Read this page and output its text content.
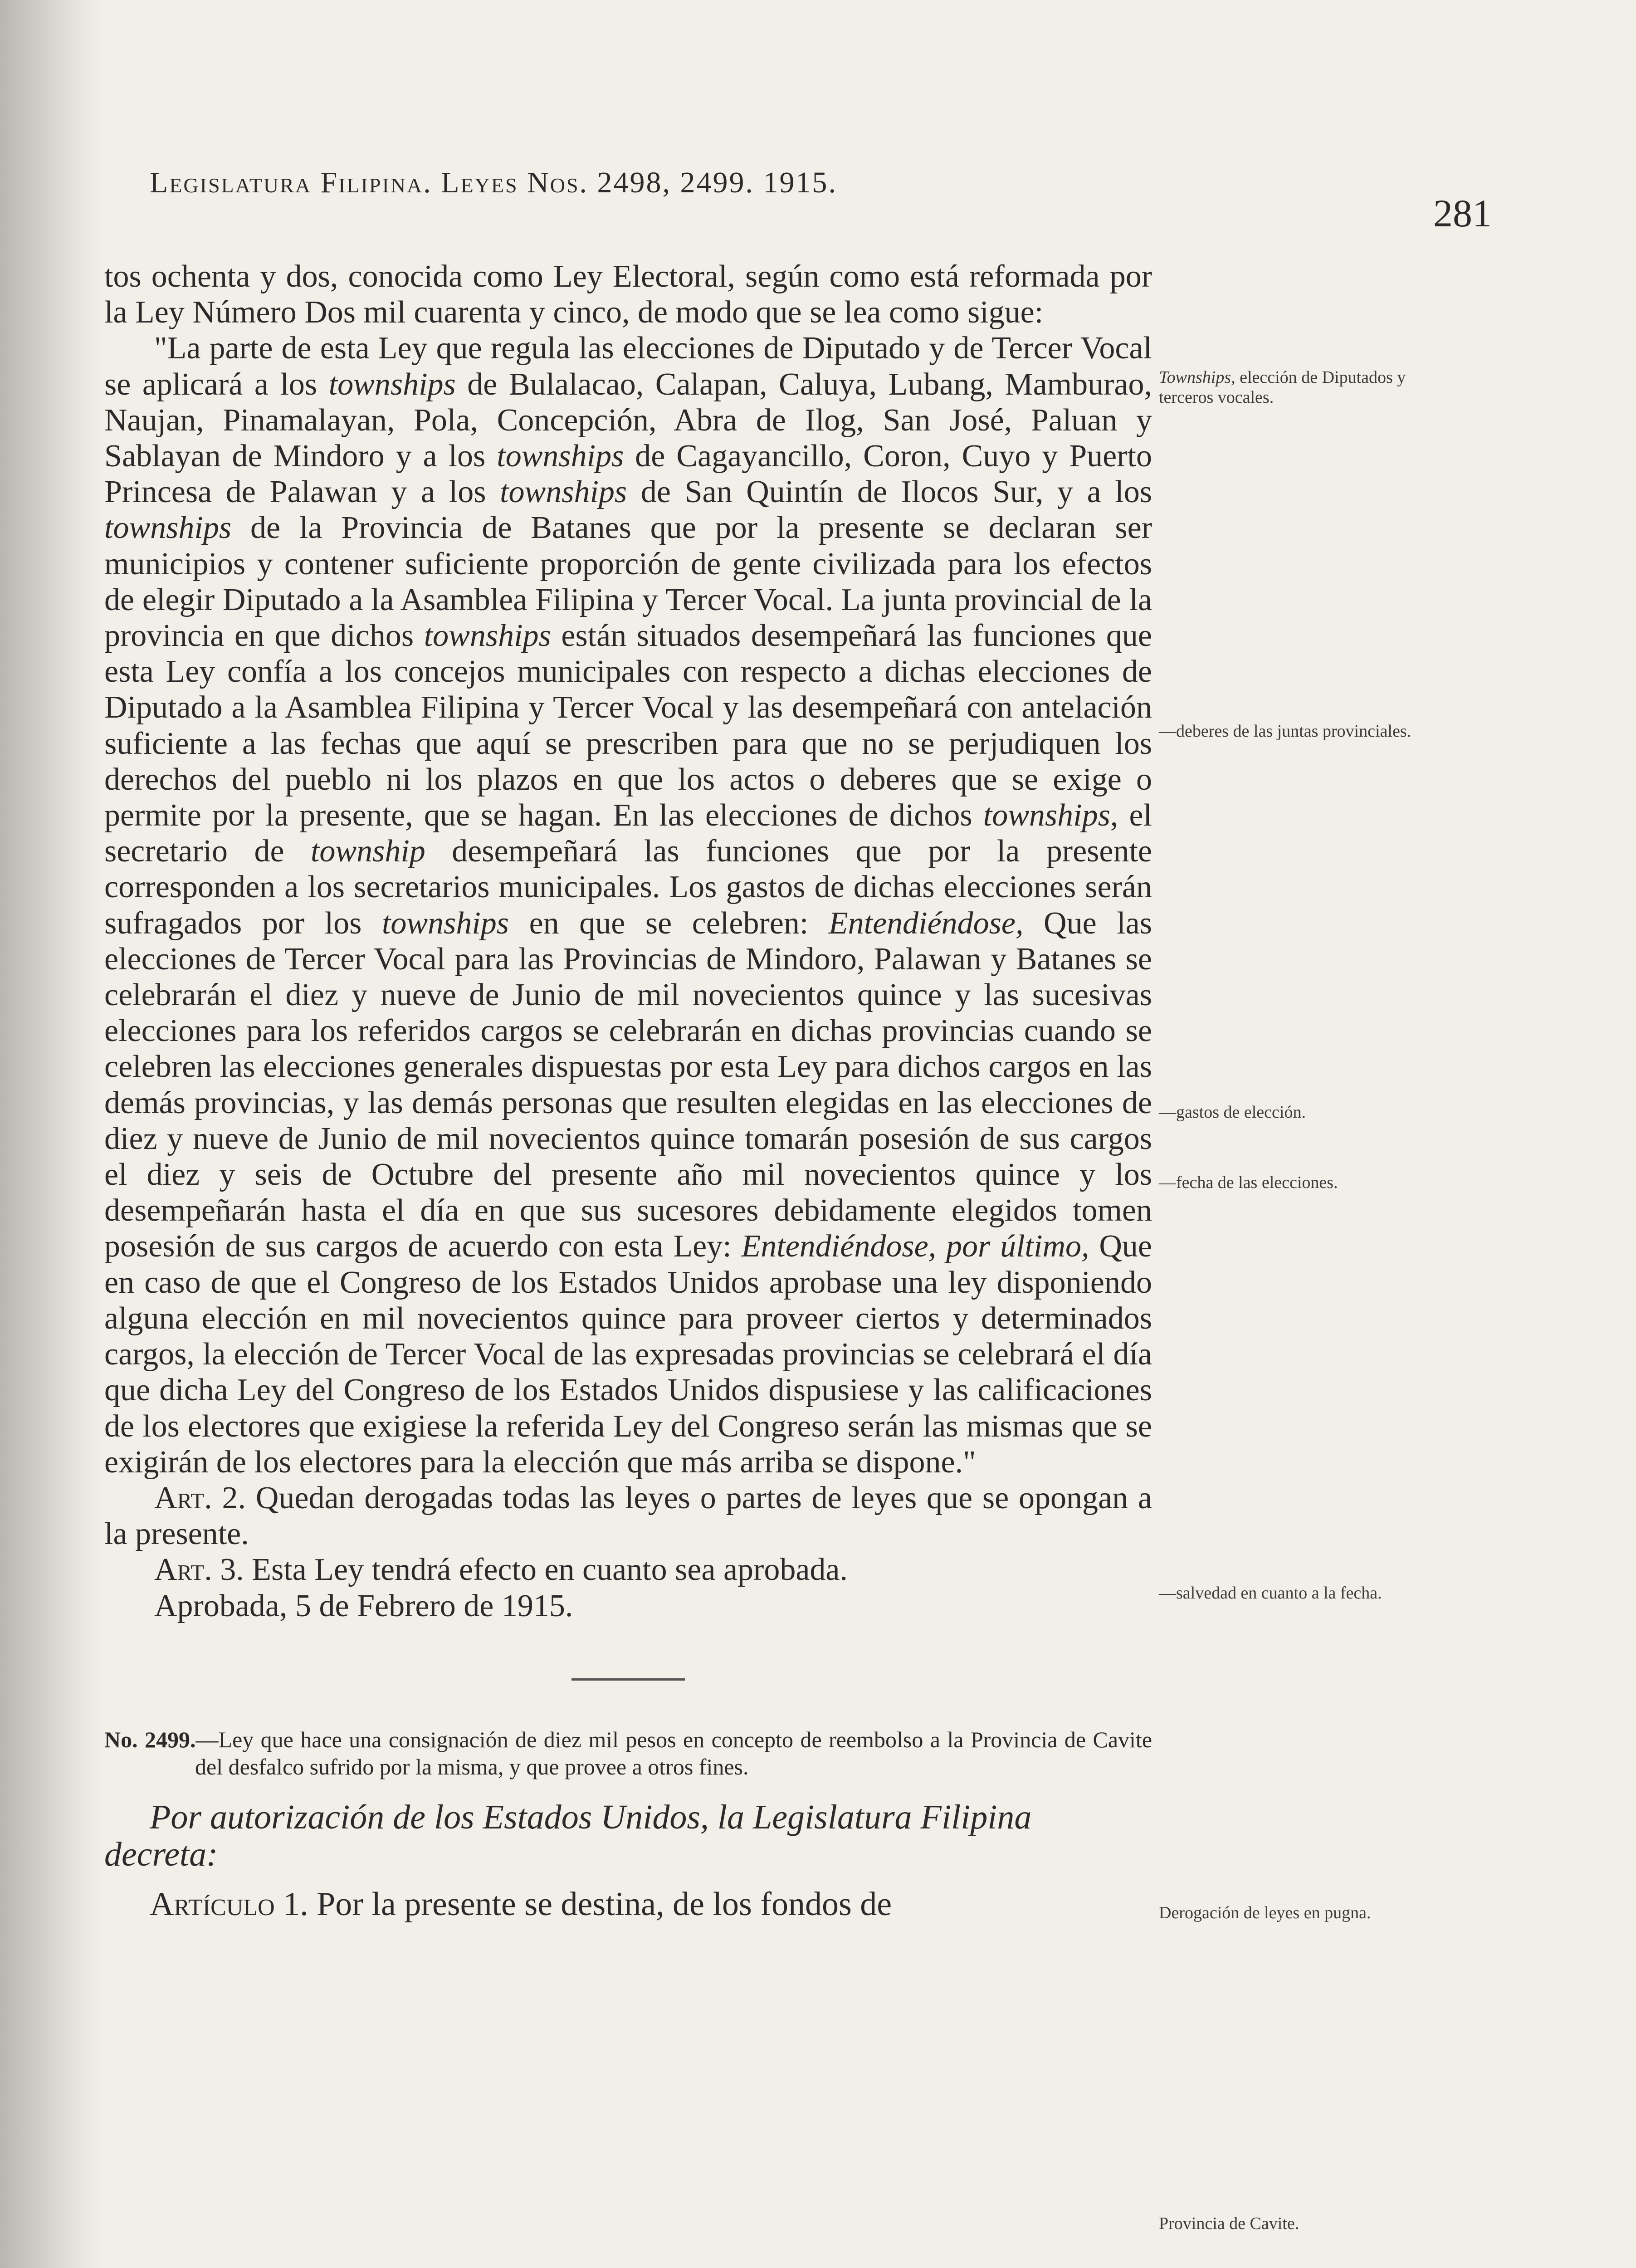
Legislatura Filipina. Leyes Nos. 2498, 2499. 1915.
281

tos ochenta y dos, conocida como Ley Electoral, según como está reformada por la Ley Número Dos mil cuarenta y cinco, de modo que se lea como sigue:

"La parte de esta Ley que regula las elecciones de Diputado y de Tercer Vocal se aplicará a los townships de Bulalacao, Calapan, Caluya, Lubang, Mamburao, Naujan, Pinamalayan, Pola, Concepción, Abra de Ilog, San José, Paluan y Sablayan de Mindoro y a los townships de Cagayancillo, Coron, Cuyo y Puerto Princesa de Palawan y a los townships de San Quintín de Ilocos Sur, y a los townships de la Provincia de Batanes que por la presente se declaran ser municipios y contener suficiente proporción de gente civilizada para los efectos de elegir Diputado a la Asamblea Filipina y Tercer Vocal. La junta provincial de la provincia en que dichos townships están situados desempeñará las funciones que esta Ley confía a los concejos municipales con respecto a dichas elecciones de Diputado a la Asamblea Filipina y Tercer Vocal y las desempeñará con antelación suficiente a las fechas que aquí se prescriben para que no se perjudiquen los derechos del pueblo ni los plazos en que los actos o deberes que se exige o permite por la presente, que se hagan. En las elecciones de dichos townships, el secretario de township desempeñará las funciones que por la presente corresponden a los secretarios municipales. Los gastos de dichas elecciones serán sufragados por los townships en que se celebren: Entendiéndose, Que las elecciones de Tercer Vocal para las Provincias de Mindoro, Palawan y Batanes se celebrarán el diez y nueve de Junio de mil novecientos quince y las sucesivas elecciones para los referidos cargos se celebrarán en dichas provincias cuando se celebren las elecciones generales dispuestas por esta Ley para dichos cargos en las demás provincias, y las demás personas que resulten elegidas en las elecciones de diez y nueve de Junio de mil novecientos quince tomarán posesión de sus cargos el diez y seis de Octubre del presente año mil novecientos quince y los desempeñarán hasta el día en que sus sucesores debidamente elegidos tomen posesión de sus cargos de acuerdo con esta Ley: Entendiéndose, por último, Que en caso de que el Congreso de los Estados Unidos aprobase una ley disponiendo alguna elección en mil novecientos quince para proveer ciertos y determinados cargos, la elección de Tercer Vocal de las expresadas provincias se celebrará el día que dicha Ley del Congreso de los Estados Unidos dispusiese y las calificaciones de los electores que exigiese la referida Ley del Congreso serán las mismas que se exigirán de los electores para la elección que más arriba se dispone."

Art. 2. Quedan derogadas todas las leyes o partes de leyes que se opongan a la presente.

Art. 3. Esta Ley tendrá efecto en cuanto sea aprobada.

Aprobada, 5 de Febrero de 1915.

No. 2499.—Ley que hace una consignación de diez mil pesos en concepto de reembolso a la Provincia de Cavite del desfalco sufrido por la misma, y que provee a otros fines.

Por autorización de los Estados Unidos, la Legislatura Filipina decreta:

Artículo 1. Por la presente se destina, de los fondos de

Townships, elección de Diputados y terceros vocales.
—deberes de las juntas provinciales.
—gastos de elección.
—fecha de las elecciones.
—salvedad en cuanto a la fecha.
Derogación de leyes en pugna.
Provincia de Cavite.
